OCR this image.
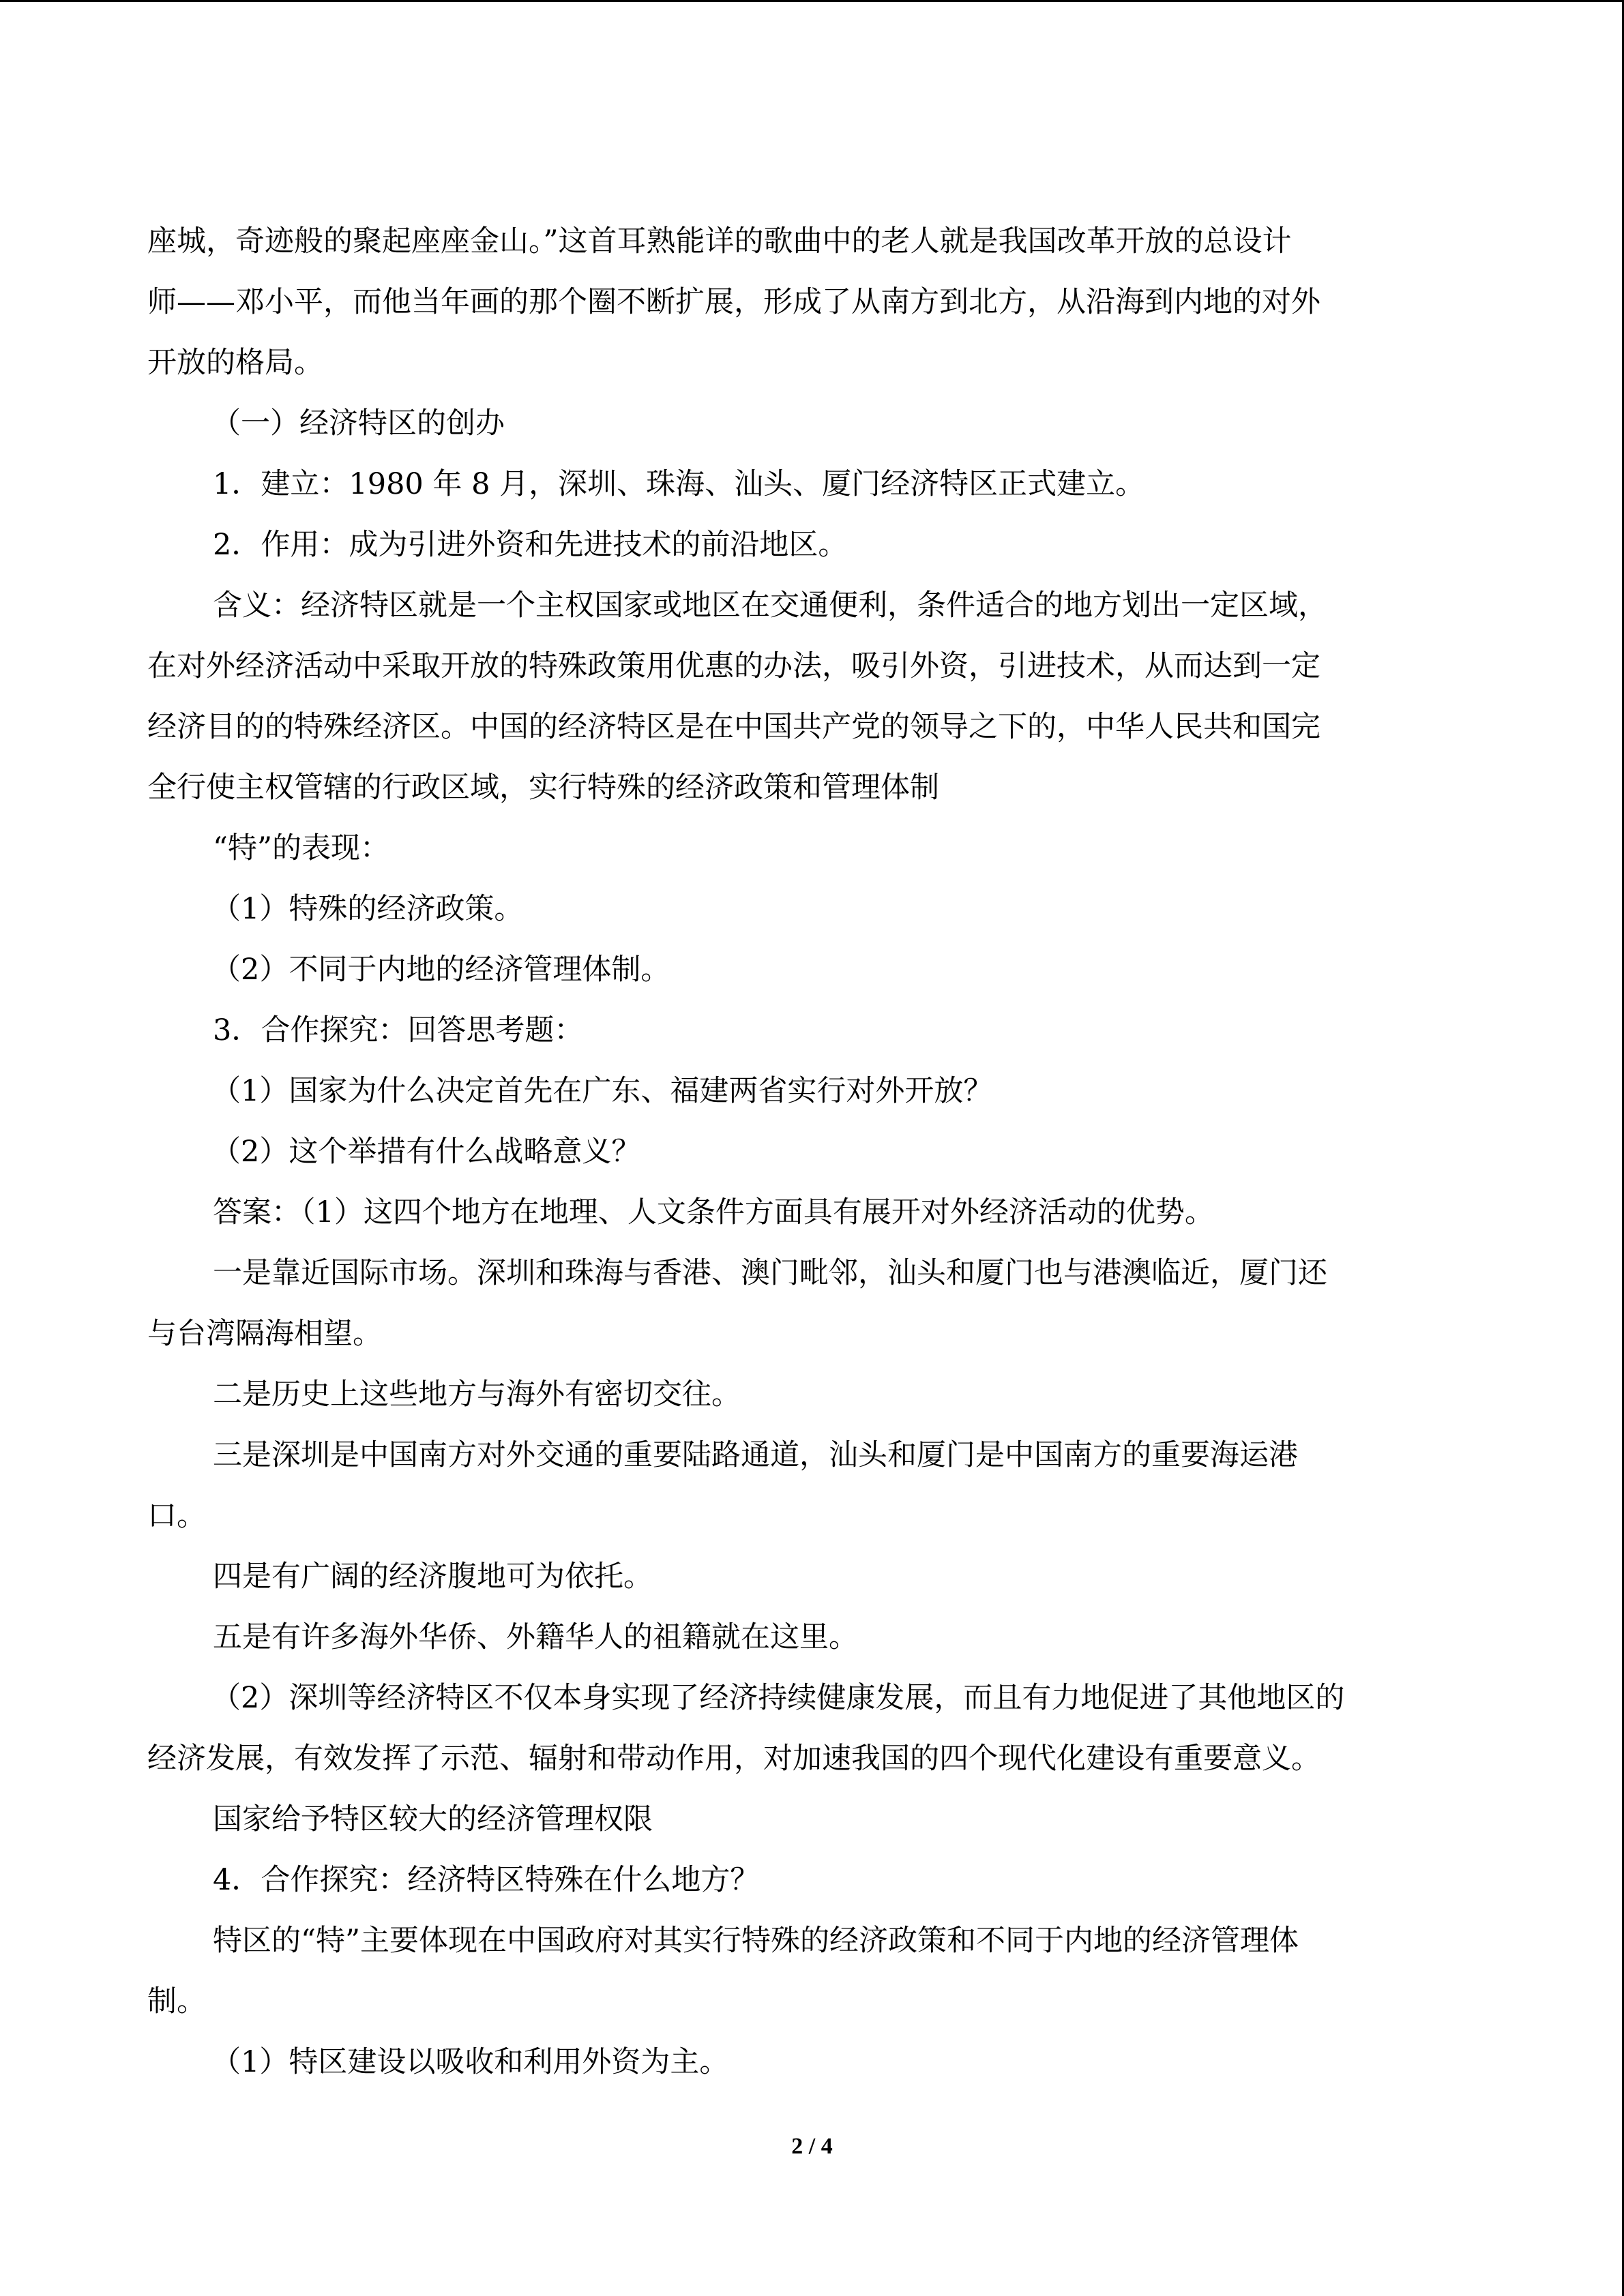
座城，奇迹般的聚起座座金山。”这首耳熟能详的歌曲中的老人就是我国改革开放的总设计
师——邓小平，而他当年画的那个圈不断扩展，形成了从南方到北方，从沿海到内地的对外
开放的格局。
（一）经济特区的创办
1．建立：1980 年 8 月，深圳、珠海、汕头、厦门经济特区正式建立。
2．作用：成为引进外资和先进技术的前沿地区。
含义：经济特区就是一个主权国家或地区在交通便利，条件适合的地方划出一定区域，
在对外经济活动中采取开放的特殊政策用优惠的办法，吸引外资，引进技术，从而达到一定
经济目的的特殊经济区。中国的经济特区是在中国共产党的领导之下的，中华人民共和国完
全行使主权管辖的行政区域，实行特殊的经济政策和管理体制
“特”的表现：
（1）特殊的经济政策。
（2）不同于内地的经济管理体制。
3．合作探究：回答思考题：
（1）国家为什么决定首先在广东、福建两省实行对外开放？
（2）这个举措有什么战略意义？
答案：（1）这四个地方在地理、人文条件方面具有展开对外经济活动的优势。
一是靠近国际市场。深圳和珠海与香港、澳门毗邻，汕头和厦门也与港澳临近，厦门还
与台湾隔海相望。
二是历史上这些地方与海外有密切交往。
三是深圳是中国南方对外交通的重要陆路通道，汕头和厦门是中国南方的重要海运港
口。
四是有广阔的经济腹地可为依托。
五是有许多海外华侨、外籍华人的祖籍就在这里。
（2）深圳等经济特区不仅本身实现了经济持续健康发展，而且有力地促进了其他地区的
经济发展，有效发挥了示范、辐射和带动作用，对加速我国的四个现代化建设有重要意义。
国家给予特区较大的经济管理权限
4．合作探究：经济特区特殊在什么地方？
特区的“特”主要体现在中国政府对其实行特殊的经济政策和不同于内地的经济管理体
制。
（1）特区建设以吸收和利用外资为主。
2 / 4
